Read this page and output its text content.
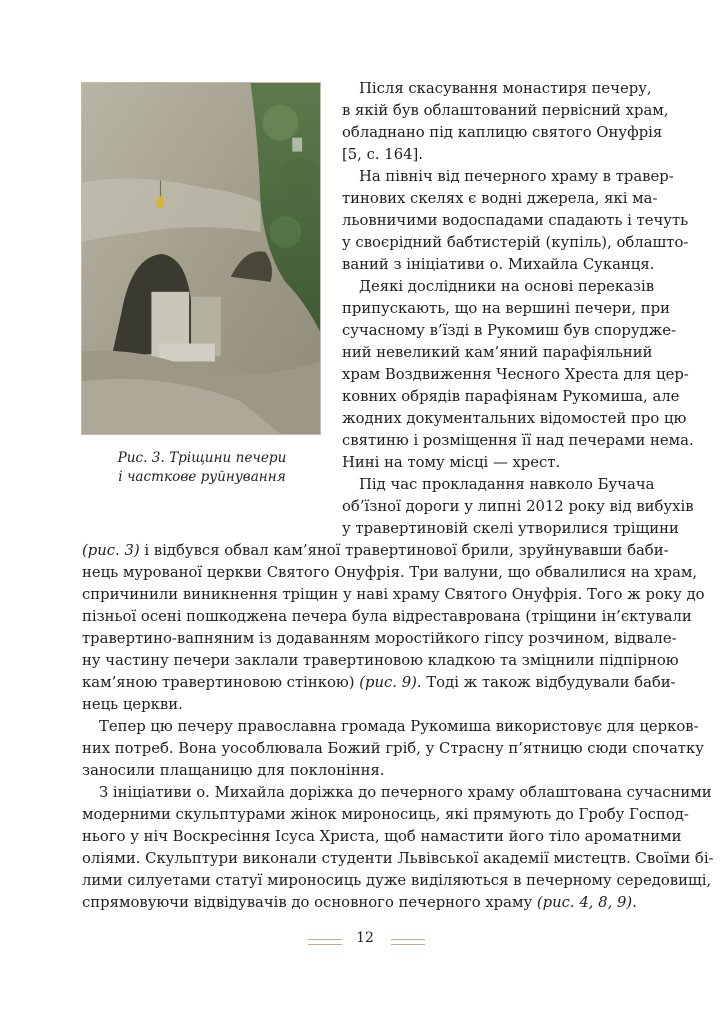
Рис. 3. Тріщини печери
і часткове руйнування
Після скасування монастиря печеру,
в якій був облаштований первісний храм,
обладнано під каплицю святого Онуфрія
[5, с. 164].
На північ від печерного храму в травер-
тинових скелях є водні джерела, які ма-
льовничими водоспадами спадають і течуть
у своєрідний бабтистерій (купіль), облашто-
ваний з ініціативи о. Михайла Суканця.
Деякі дослідники на основі переказів
припускають, що на вершині печери, при
сучасному в’їзді в Рукомиш був споруджe-
ний невеликий кам’яний парафіяльний
храм Воздвиження Чесного Хреста для цер-
ковних обрядів парафіянам Рукомиша, але
жодних документальних відомостей про цю
святиню і розміщення її над печерами нема.
Нині на тому місці — хрест.
Під час прокладання навколо Бучача
об’їзної дороги у липні 2012 року від вибухів
у травертиновій скелі утворилися тріщини
(рис. 3) і відбувся обвал кам’яної травертинової брили, зруйнувавши баби-
нець мурованої церкви Святого Онуфрія. Три валуни, що обвалилися на храм,
спричинили виникнення тріщин у наві храму Святого Онуфрія. Того ж року до
пізньої осені пошкоджена печера була відреставрована (тріщини ін’єктували
травертино-вапняним із додаванням моростійкого гіпсу розчином, відвале-
ну частину печери заклали травертиновою кладкою та зміцнили підпірною
кам’яною травертиновою стінкою) (рис. 9). Тоді ж також відбудували баби-
нець церкви.
Тепер цю печеру православна громада Рукомиша використовує для церков-
них потреб. Вона уособлювала Божий гріб, у Страсну п’ятницю сюди спочатку
заносили плащаницю для поклоніння.
З ініціативи о. Михайла доріжка до печерного храму облаштована сучасними
модерними скульптурами жінок мироносиць, які прямують до Гробу Господ-
нього у ніч Воскресіння Ісуса Христа, щоб намастити його тіло ароматними
оліями. Скульптури виконали студенти Львівської академії мистецтв. Своїми бі-
лими силуетами статуї мироносиць дуже виділяються в печерному середовищі,
спрямовуючи відвідувачів до основного печерного храму (рис. 4, 8, 9).
12
